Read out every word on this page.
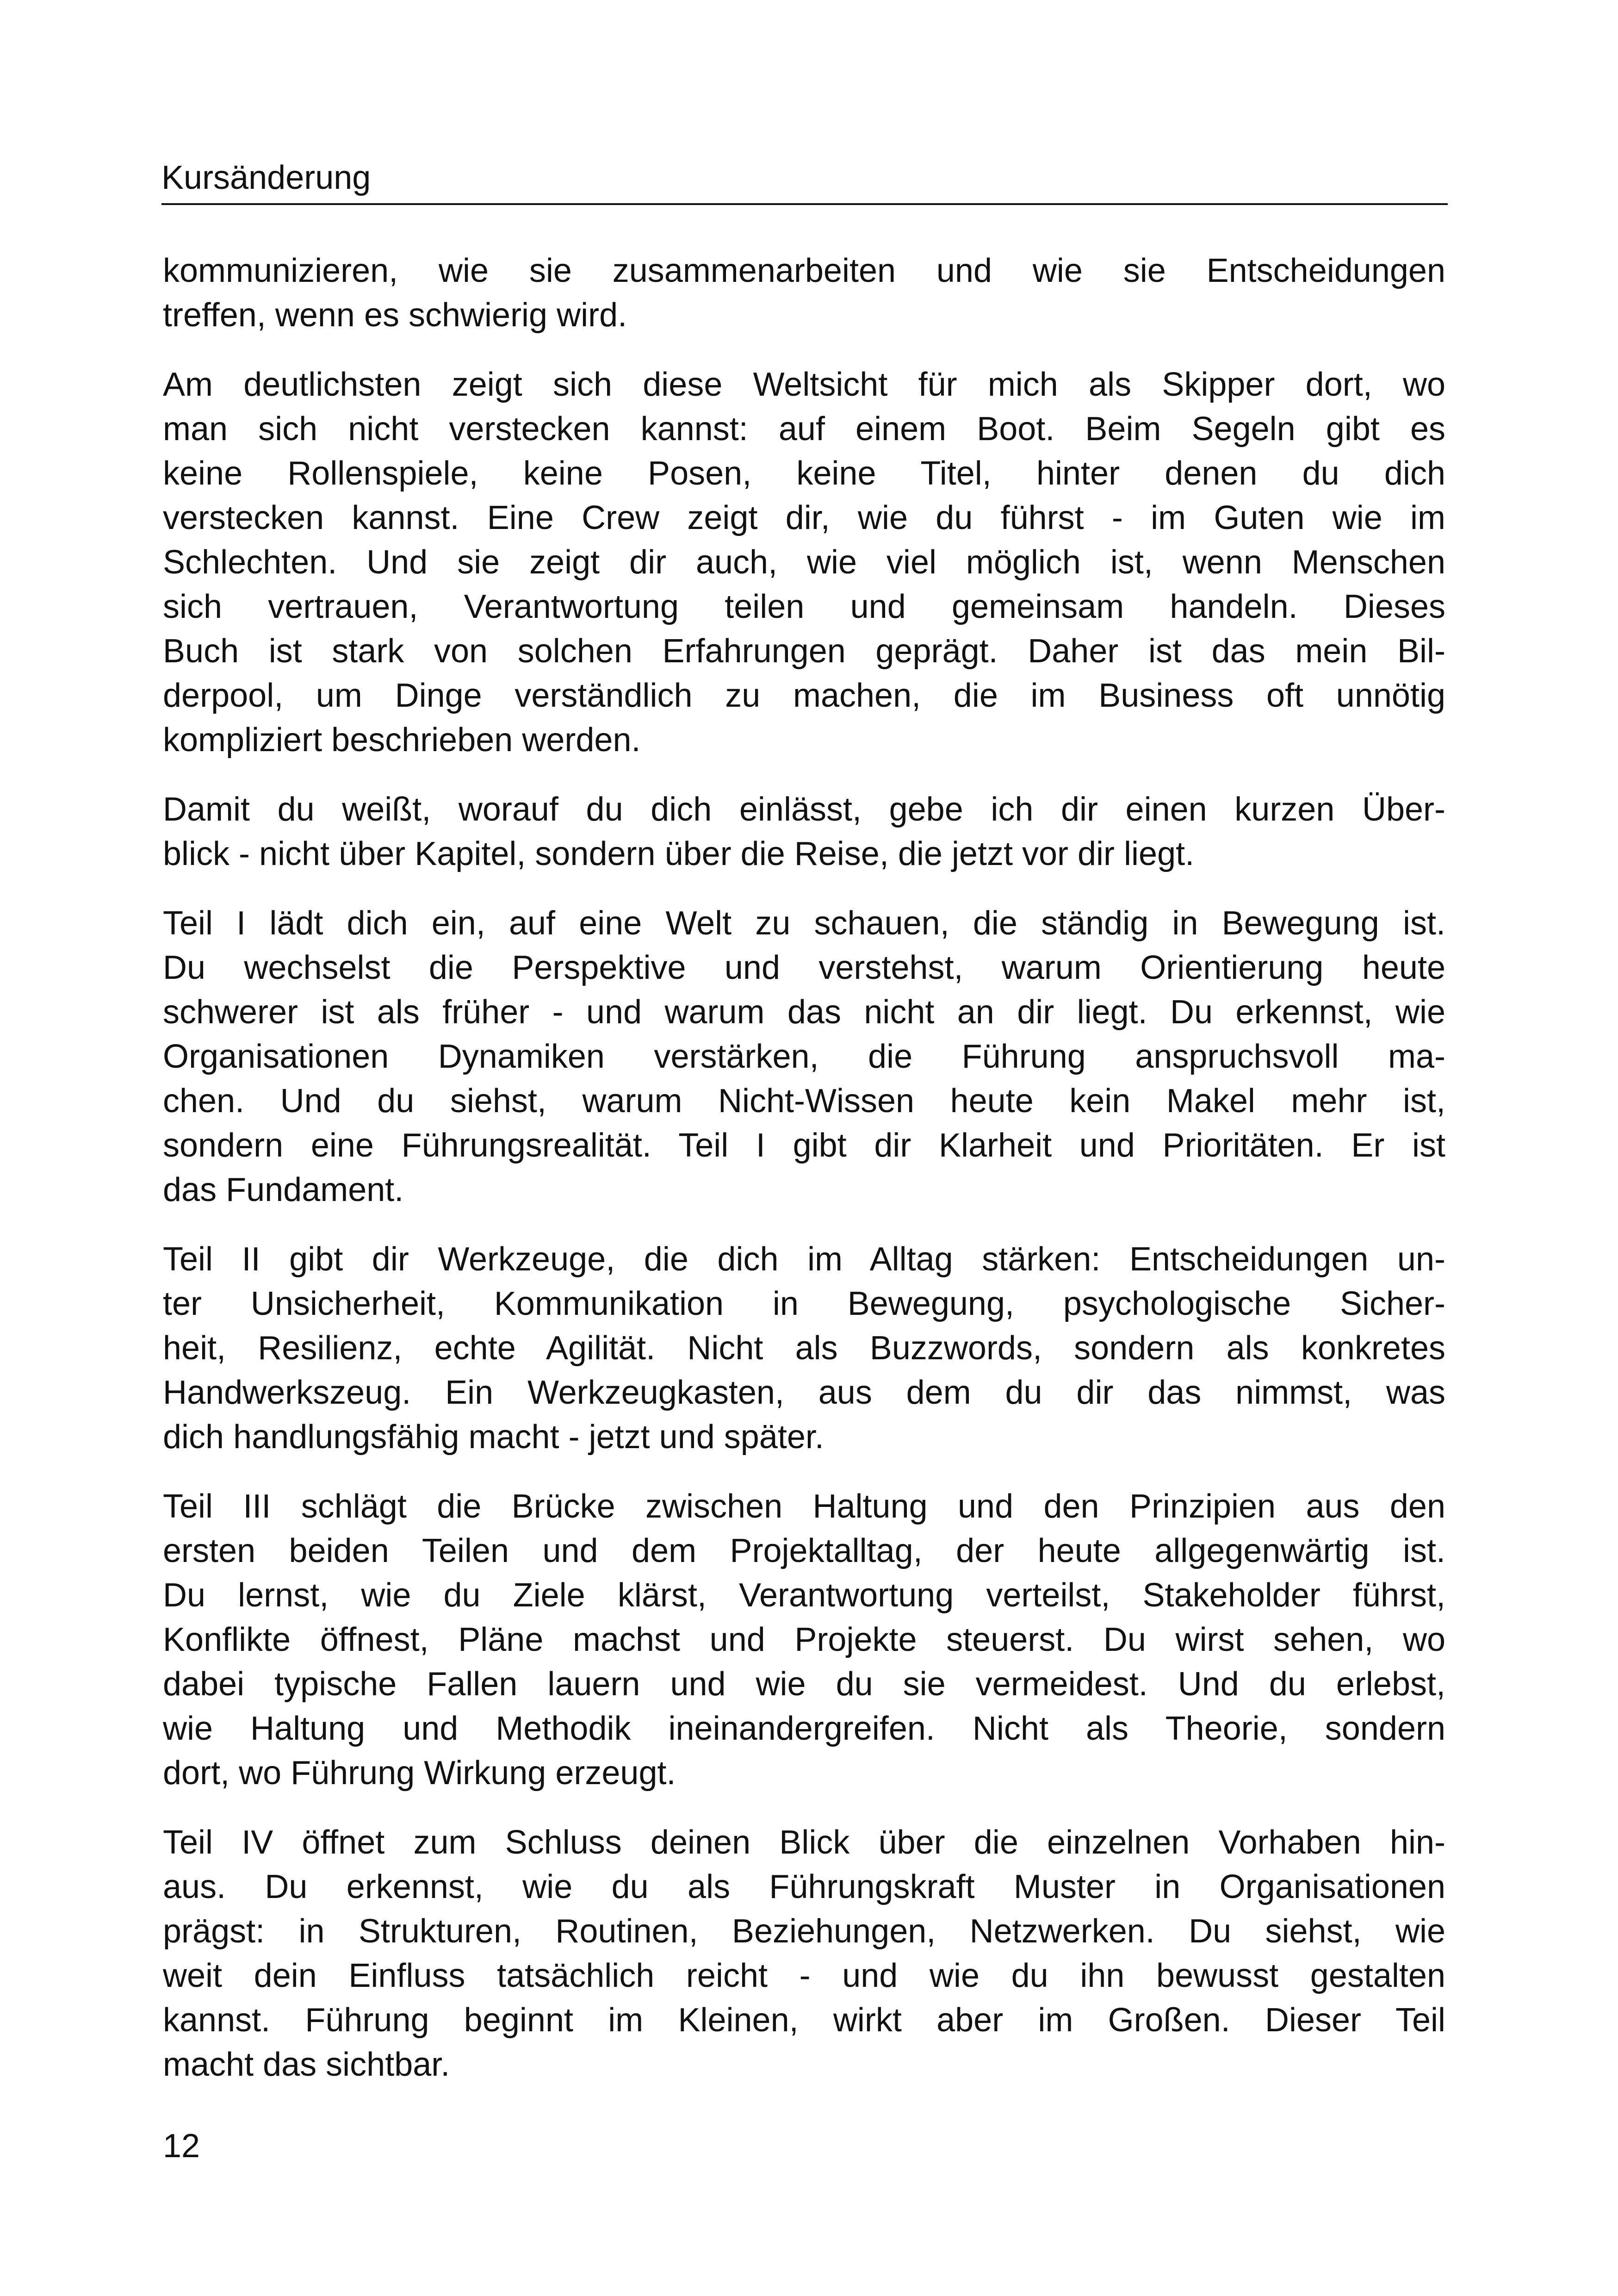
Kursänderung
kommunizieren, wie sie zusammenarbeiten und wie sie Entscheidungen
treffen, wenn es schwierig wird.
Am deutlichsten zeigt sich diese Weltsicht für mich als Skipper dort, wo
man sich nicht verstecken kannst: auf einem Boot. Beim Segeln gibt es
keine Rollenspiele, keine Posen, keine Titel, hinter denen du dich
verstecken kannst. Eine Crew zeigt dir, wie du führst - im Guten wie im
Schlechten. Und sie zeigt dir auch, wie viel möglich ist, wenn Menschen
sich vertrauen, Verantwortung teilen und gemeinsam handeln. Dieses
Buch ist stark von solchen Erfahrungen geprägt. Daher ist das mein Bil-
derpool, um Dinge verständlich zu machen, die im Business oft unnötig
kompliziert beschrieben werden.
Damit du weißt, worauf du dich einlässt, gebe ich dir einen kurzen Über-
blick - nicht über Kapitel, sondern über die Reise, die jetzt vor dir liegt.
Teil I lädt dich ein, auf eine Welt zu schauen, die ständig in Bewegung ist.
Du wechselst die Perspektive und verstehst, warum Orientierung heute
schwerer ist als früher - und warum das nicht an dir liegt. Du erkennst, wie
Organisationen Dynamiken verstärken, die Führung anspruchsvoll ma-
chen. Und du siehst, warum Nicht-Wissen heute kein Makel mehr ist,
sondern eine Führungsrealität. Teil I gibt dir Klarheit und Prioritäten. Er ist
das Fundament.
Teil II gibt dir Werkzeuge, die dich im Alltag stärken: Entscheidungen un-
ter Unsicherheit, Kommunikation in Bewegung, psychologische Sicher-
heit, Resilienz, echte Agilität. Nicht als Buzzwords, sondern als konkretes
Handwerkszeug. Ein Werkzeugkasten, aus dem du dir das nimmst, was
dich handlungsfähig macht - jetzt und später.
Teil III schlägt die Brücke zwischen Haltung und den Prinzipien aus den
ersten beiden Teilen und dem Projektalltag, der heute allgegenwärtig ist.
Du lernst, wie du Ziele klärst, Verantwortung verteilst, Stakeholder führst,
Konflikte öffnest, Pläne machst und Projekte steuerst. Du wirst sehen, wo
dabei typische Fallen lauern und wie du sie vermeidest. Und du erlebst,
wie Haltung und Methodik ineinandergreifen. Nicht als Theorie, sondern
dort, wo Führung Wirkung erzeugt.
Teil IV öffnet zum Schluss deinen Blick über die einzelnen Vorhaben hin-
aus. Du erkennst, wie du als Führungskraft Muster in Organisationen
prägst: in Strukturen, Routinen, Beziehungen, Netzwerken. Du siehst, wie
weit dein Einfluss tatsächlich reicht - und wie du ihn bewusst gestalten
kannst. Führung beginnt im Kleinen, wirkt aber im Großen. Dieser Teil
macht das sichtbar.
12
